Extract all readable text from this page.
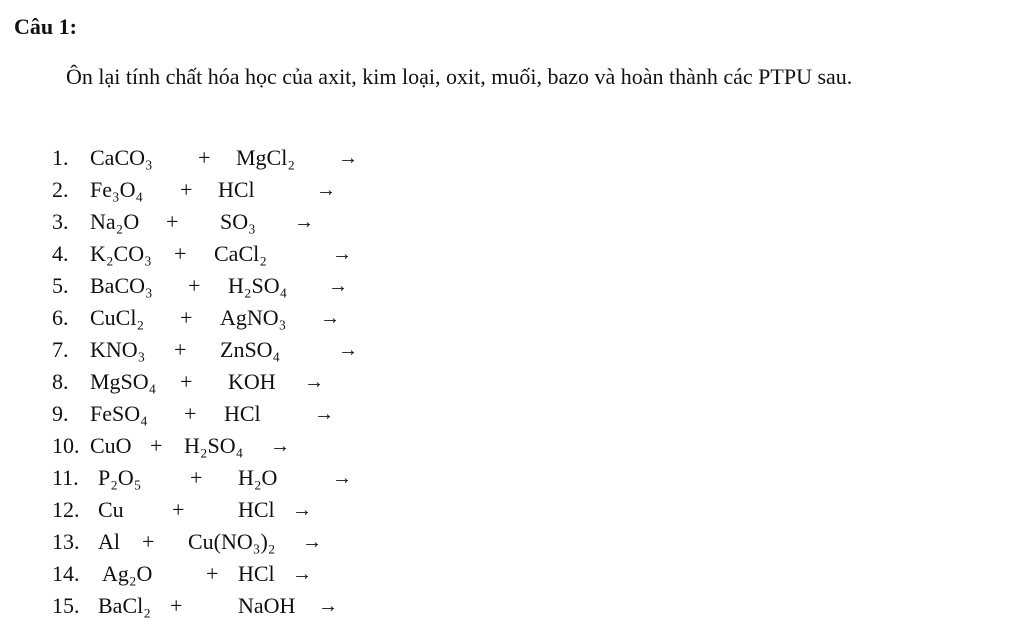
Câu 1:

Ôn lại tính chất hóa học của axit, kim loại, oxit, muối, bazo và hoàn thành các PTPU sau.

1. CaCO₃ + MgCl₂ →
2. Fe₃O₄ + HCl	→
3. Na₂O + SO₃ →
4. K₂CO₃ + CaCl₂	→
5. BaCO₃ + H₂SO₄ →
6. CuCl₂ + AgNO₃ →
7. KNO₃ + ZnSO₄	→
8. MgSO₄ + KOH →
9. FeSO₄ + HCl	→
10. CuO + H₂SO₄ →
11. P₂O₅ + H₂O	→
12. Cu + HCl →
13. Al + Cu(NO₃)₂ →
14. Ag₂O + HCl →
15. BaCl₂ +	NaOH →
